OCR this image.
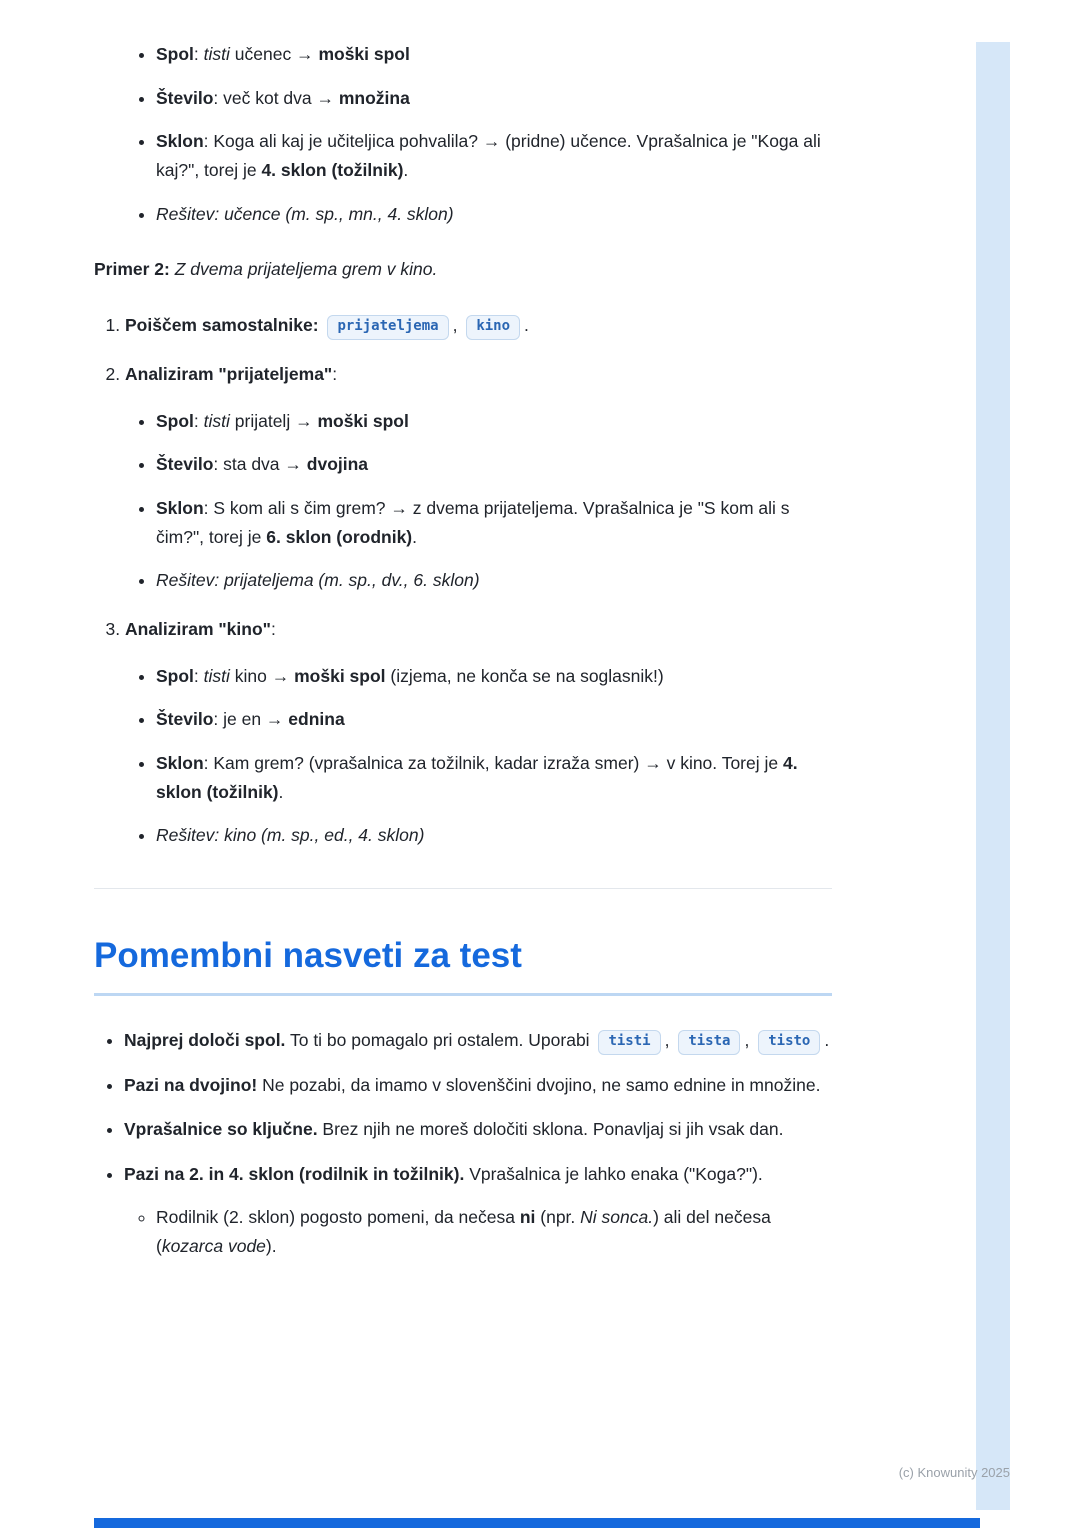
• Spol: tisti učenec → moški spol
• Število: več kot dva → množina
• Sklon: Koga ali kaj je učiteljica pohvalila? → (pridne) učence. Vprašalnica je "Koga ali kaj?", torej je 4. sklon (tožilnik).
• Rešitev: učence (m. sp., mn., 4. sklon)

Primer 2: Z dvema prijateljema grem v kino.

1. Poiščem samostalnike: prijateljema , kino .
2. Analiziram "prijateljema":
• Spol: tisti prijatelj → moški spol
• Število: sta dva → dvojina
• Sklon: S kom ali s čim grem? → z dvema prijateljema. Vprašalnica je "S kom ali s čim?", torej je 6. sklon (orodnik).
• Rešitev: prijateljema (m. sp., dv., 6. sklon)
3. Analiziram "kino":
• Spol: tisti kino → moški spol (izjema, ne konča se na soglasnik!)
• Število: je en → ednina
• Sklon: Kam grem? (vprašalnica za tožilnik, kadar izraža smer) → v kino. Torej je 4. sklon (tožilnik).
• Rešitev: kino (m. sp., ed., 4. sklon)
Pomembni nasveti za test
• Najprej določi spol. To ti bo pomagalo pri ostalem. Uporabi tisti , tista , tisto .
• Pazi na dvojino! Ne pozabi, da imamo v slovenščini dvojino, ne samo ednine in množine.
• Vprašalnice so ključne. Brez njih ne moreš določiti sklona. Ponavljaj si jih vsak dan.
• Pazi na 2. in 4. sklon (rodilnik in tožilnik). Vprašalnica je lahko enaka ("Koga?").
◦ Rodilnik (2. sklon) pogosto pomeni, da nečesa ni (npr. Ni sonca.) ali del nečesa (kozarca vode).
(c) Knowunity 2025
